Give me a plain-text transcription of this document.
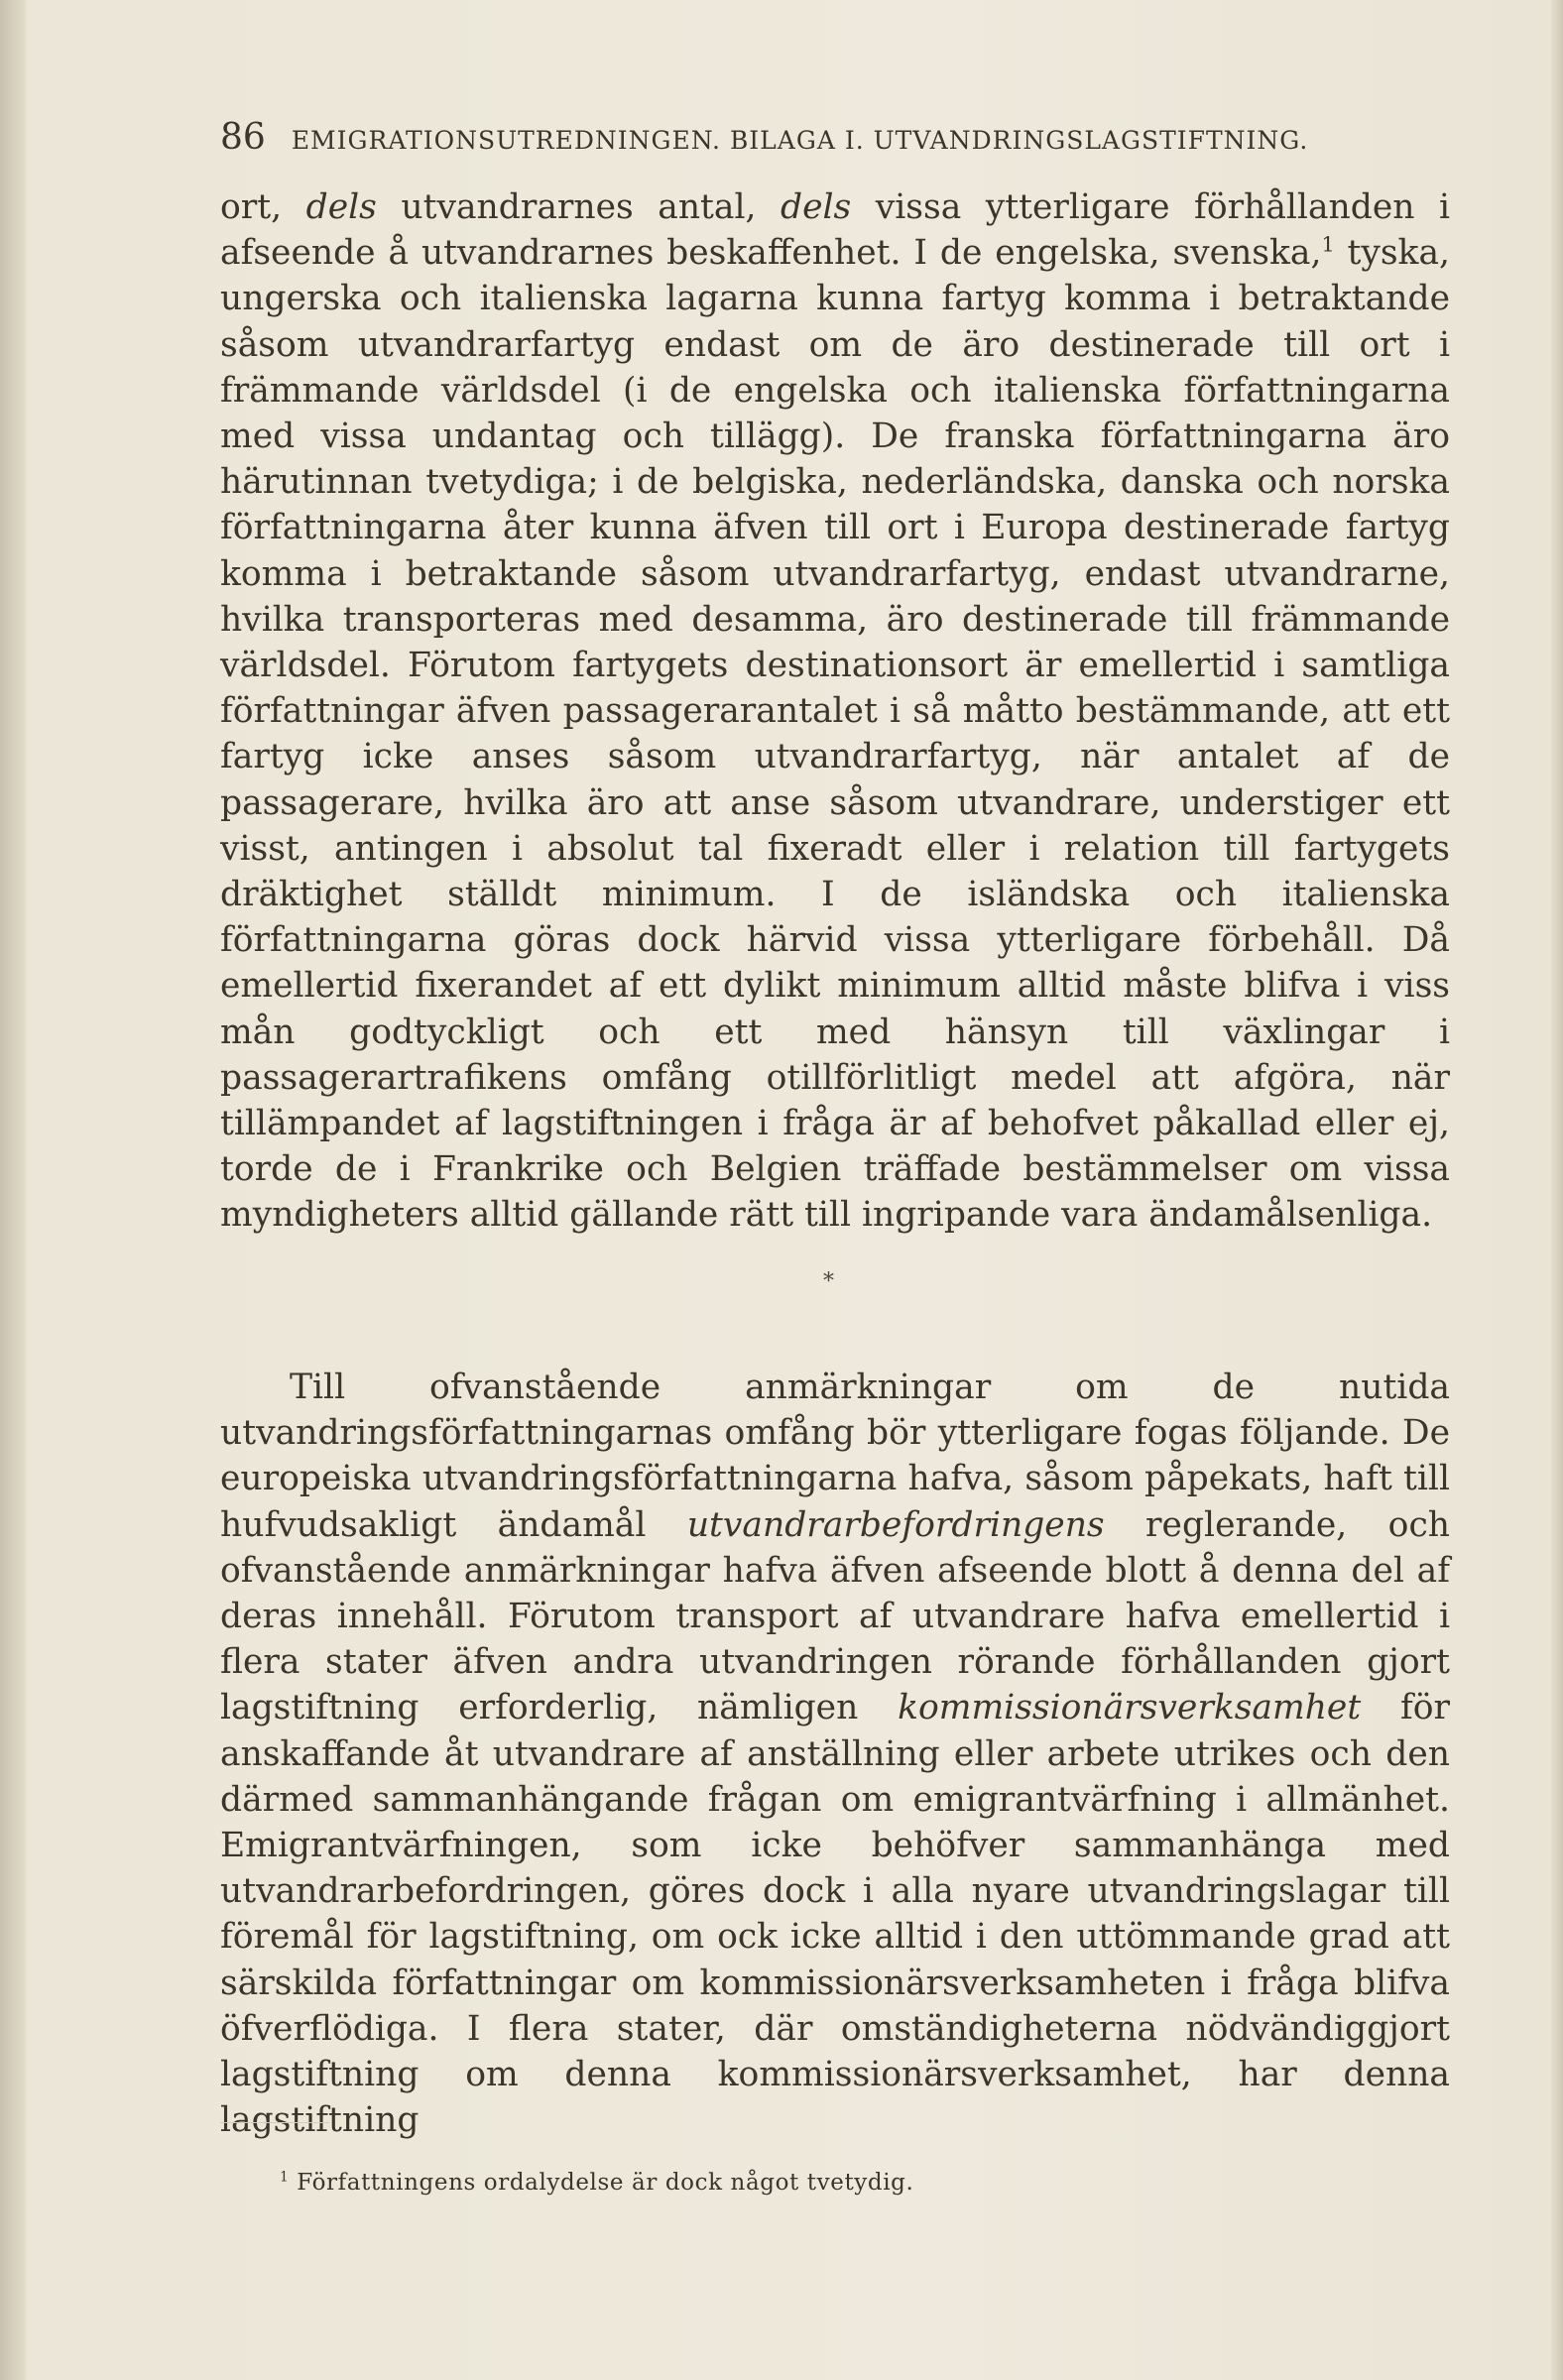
86 EMIGRATIONSUTREDNINGEN. BILAGA I. UTVANDRINGSLAGSTIFTNING.

ort, dels utvandrarnes antal, dels vissa ytterligare förhållanden i afseende å utvandrarnes beskaffenhet. I de engelska, svenska,$^1$ tyska, ungerska och italienska lagarna kunna fartyg komma i betraktande såsom utvandrarfartyg endast om de äro destinerade till ort i främmande världsdel (i de engelska och italienska författningarna med vissa undantag och tillägg). De franska författningarna äro härutinnan tvetydiga; i de belgiska, nederländska, danska och norska författningarna åter kunna äfven till ort i Europa destinerade fartyg komma i betraktande såsom utvandrarfartyg, endast utvandrarne, hvilka transporteras med desamma, äro destinerade till främmande världsdel. Förutom fartygets destinationsort är emellertid i samtliga författningar äfven passagerarantalet i så måtto bestämmande, att ett fartyg icke anses såsom utvandrarfartyg, när antalet af de passagerare, hvilka äro att anse såsom utvandrare, understiger ett visst, antingen i absolut tal fixeradt eller i relation till fartygets dräktighet ställdt minimum. I de isländska och italienska författningarna göras dock härvid vissa ytterligare förbehåll. Då emellertid fixerandet af ett dylikt minimum alltid måste blifva i viss mån godtyckligt och ett med hänsyn till växlingar i passagerartrafikens omfång otillförlitligt medel att afgöra, när tillämpandet af lagstiftningen i fråga är af behofvet påkallad eller ej, torde de i Frankrike och Belgien träffade bestämmelser om vissa myndigheters alltid gällande rätt till ingripande vara ändamålsenliga.

*

Till ofvanstående anmärkningar om de nutida utvandringsförfattningarnas omfång bör ytterligare fogas följande. De europeiska utvandringsförfattningarna hafva, såsom påpekats, haft till hufvudsakligt ändamål utvandrarbefordringens reglerande, och ofvanstående anmärkningar hafva äfven afseende blott å denna del af deras innehåll. Förutom transport af utvandrare hafva emellertid i flera stater äfven andra utvandringen rörande förhållanden gjort lagstiftning erforderlig, nämligen kommissionärsverksamhet för anskaffande åt utvandrare af anställning eller arbete utrikes och den därmed sammanhängande frågan om emigrantvärfning i allmänhet. Emigrantvärfningen, som icke behöfver sammanhänga med utvandrarbefordringen, göres dock i alla nyare utvandringslagar till föremål för lagstiftning, om ock icke alltid i den uttömmande grad att särskilda författningar om kommissionärsverksamheten i fråga blifva öfverflödiga. I flera stater, där omständigheterna nödvändiggjort lagstiftning om denna kommissionärsverksamhet, har denna lagstiftning

$^1$ Författningens ordalydelse är dock något tvetydig.
